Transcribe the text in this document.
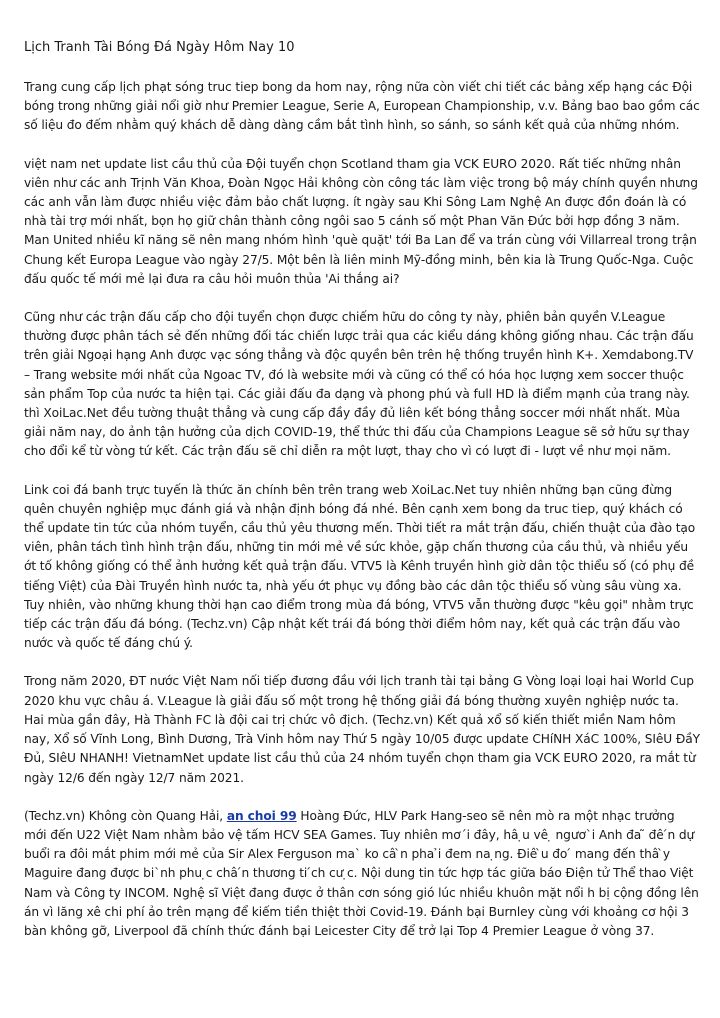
Lịch Tranh Tài Bóng Đá Ngày Hôm Nay 10

Trang cung cấp lịch phạt sóng truc tiep bong da hom nay, rộng nữa còn viết chi tiết các bảng xếp hạng các Đội bóng trong những giải nổi giờ như Premier League, Serie A, European Championship, v.v. Bảng bao bao gồm các số liệu đo đếm nhằm quý khách dễ dàng dàng cầm bắt tình hình, so sánh, so sánh kết quả của những nhóm.

việt nam net update list cầu thủ của Đội tuyển chọn Scotland tham gia VCK EURO 2020. Rất tiếc những nhân viên như các anh Trịnh Văn Khoa, Đoàn Ngọc Hải không còn công tác làm việc trong bộ máy chính quyền nhưng các anh vẫn làm được nhiều việc đảm bảo chất lượng. ít ngày sau Khi Sông Lam Nghệ An được đồn đoán là có nhà tài trợ mới nhất, bọn họ giữ chân thành công ngôi sao 5 cánh số một Phan Văn Đức bởi hợp đồng 3 năm. Man United nhiều kĩ năng sẽ nên mang nhóm hình 'què quặt' tới Ba Lan để va trán cùng với Villarreal trong trận Chung kết Europa League vào ngày 27/5. Một bên là liên minh Mỹ-đồng minh, bên kia là Trung Quốc-Nga. Cuộc đấu quốc tế mới mẻ lại đưa ra câu hỏi muôn thủa 'Ai thắng ai?

Cũng như các trận đấu cấp cho đội tuyển chọn được chiếm hữu do công ty này, phiên bản quyền V.League thường được phân tách sẻ đến những đối tác chiến lược trải qua các kiểu dáng không giống nhau. Các trận đấu trên giải Ngoại hạng Anh được vạc sóng thẳng và độc quyền bên trên hệ thống truyền hình K+. Xemdabong.TV – Trang website mới nhất của Ngoac TV, đó là website mới và cũng có thể có hóa học lượng xem soccer thuộc sản phẩm Top của nước ta hiện tại. Các giải đấu đa dạng và phong phú và full HD là điểm mạnh của trang này. thì XoiLac.Net đều tường thuật thẳng và cung cấp đầy đầy đủ liên kết bóng thẳng soccer mới nhất nhất. Mùa giải năm nay, do ảnh tận hưởng của dịch COVID-19, thể thức thi đấu của Champions League sẽ sở hữu sự thay cho đổi kể từ vòng tứ kết. Các trận đấu sẽ chỉ diễn ra một lượt, thay cho vì có lượt đi - lượt về như mọi năm.

Link coi đá banh trực tuyến là thức ăn chính bên trên trang web XoiLac.Net tuy nhiên những bạn cũng đừng quên chuyên nghiệp mục đánh giá và nhận định bóng đá nhé. Bên cạnh xem bong da truc tiep, quý khách có thể update tin tức của nhóm tuyển, cầu thủ yêu thương mến. Thời tiết ra mắt trận đấu, chiến thuật của đào tạo viên, phân tách tình hình trận đấu, những tin mới mẻ về sức khỏe, gặp chấn thương của cầu thủ, và nhiều yếu ớt tố không giống có thể ảnh hưởng kết quả trận đấu. VTV5 là Kênh truyền hình giờ dân tộc thiểu số (có phụ đề tiếng Việt) của Đài Truyền hình nước ta, nhà yếu ớt phục vụ đồng bào các dân tộc thiểu số vùng sâu vùng xa. Tuy nhiên, vào những khung thời hạn cao điểm trong mùa đá bóng, VTV5 vẫn thường được "kêu gọi" nhằm trực tiếp các trận đấu đá bóng. (Techz.vn) Cập nhật kết trái đá bóng thời điểm hôm nay, kết quả các trận đấu vào nước và quốc tế đáng chú ý.

Trong năm 2020, ĐT nước Việt Nam nối tiếp đương đầu với lịch tranh tài tại bảng G Vòng loại loại hai World Cup 2020 khu vực châu á. V.League là giải đấu số một trong hệ thống giải đá bóng thường xuyên nghiệp nước ta. Hai mùa gần đây, Hà Thành FC là đội cai trị chức vô địch. (Techz.vn) Kết quả xổ số kiến thiết miền Nam hôm nay, Xổ số Vĩnh Long, Bình Dương, Trà Vinh hôm nay Thứ 5 ngày 10/05 được update CHíNH XáC 100%, SIêU ĐầY Đủ, SIêU NHANH! VietnamNet update list cầu thủ của 24 nhóm tuyển chọn tham gia VCK EURO 2020, ra mắt từ ngày 12/6 đến ngày 12/7 năm 2021.

(Techz.vn) Không còn Quang Hải, an choi 99 Hoàng Đức, HLV Park Hang-seo sẽ nên mò ra một nhạc trưởng mới đến U22 Việt Nam nhằm bảo vệ tấm HCV SEA Games. Tuy nhiên mơ´i đây, hâ ̣u vê ̣ ngươ`i Anh đa ̃ đê ́n dự buổi ra đôi mắt phim mới mẻ của Sir Alex Ferguson ma` ko câ ̀n pha ̉i đem na ̣ng. Điê ̀u đo ́ mang đến thâ ̀y Maguire đang được bi`nh phu ̣c châ ́n thương ti ́ch cư ̣c. Nội dung tin tức hợp tác giữa báo Điện tử Thể thao Việt Nam và Công ty INCOM. Nghệ sĩ Việt đang được ở thân cơn sóng gió lúc nhiều khuôn mặt nổi h bị cộng đồng lên án vì lăng xê chi phí ảo trên mạng để kiếm tiền thiệt thời Covid-19. Đánh bại Burnley cùng với khoảng cơ hội 3 bàn không gỡ, Liverpool đã chính thức đánh bại Leicester City để trở lại Top 4 Premier League ở vòng 37.
